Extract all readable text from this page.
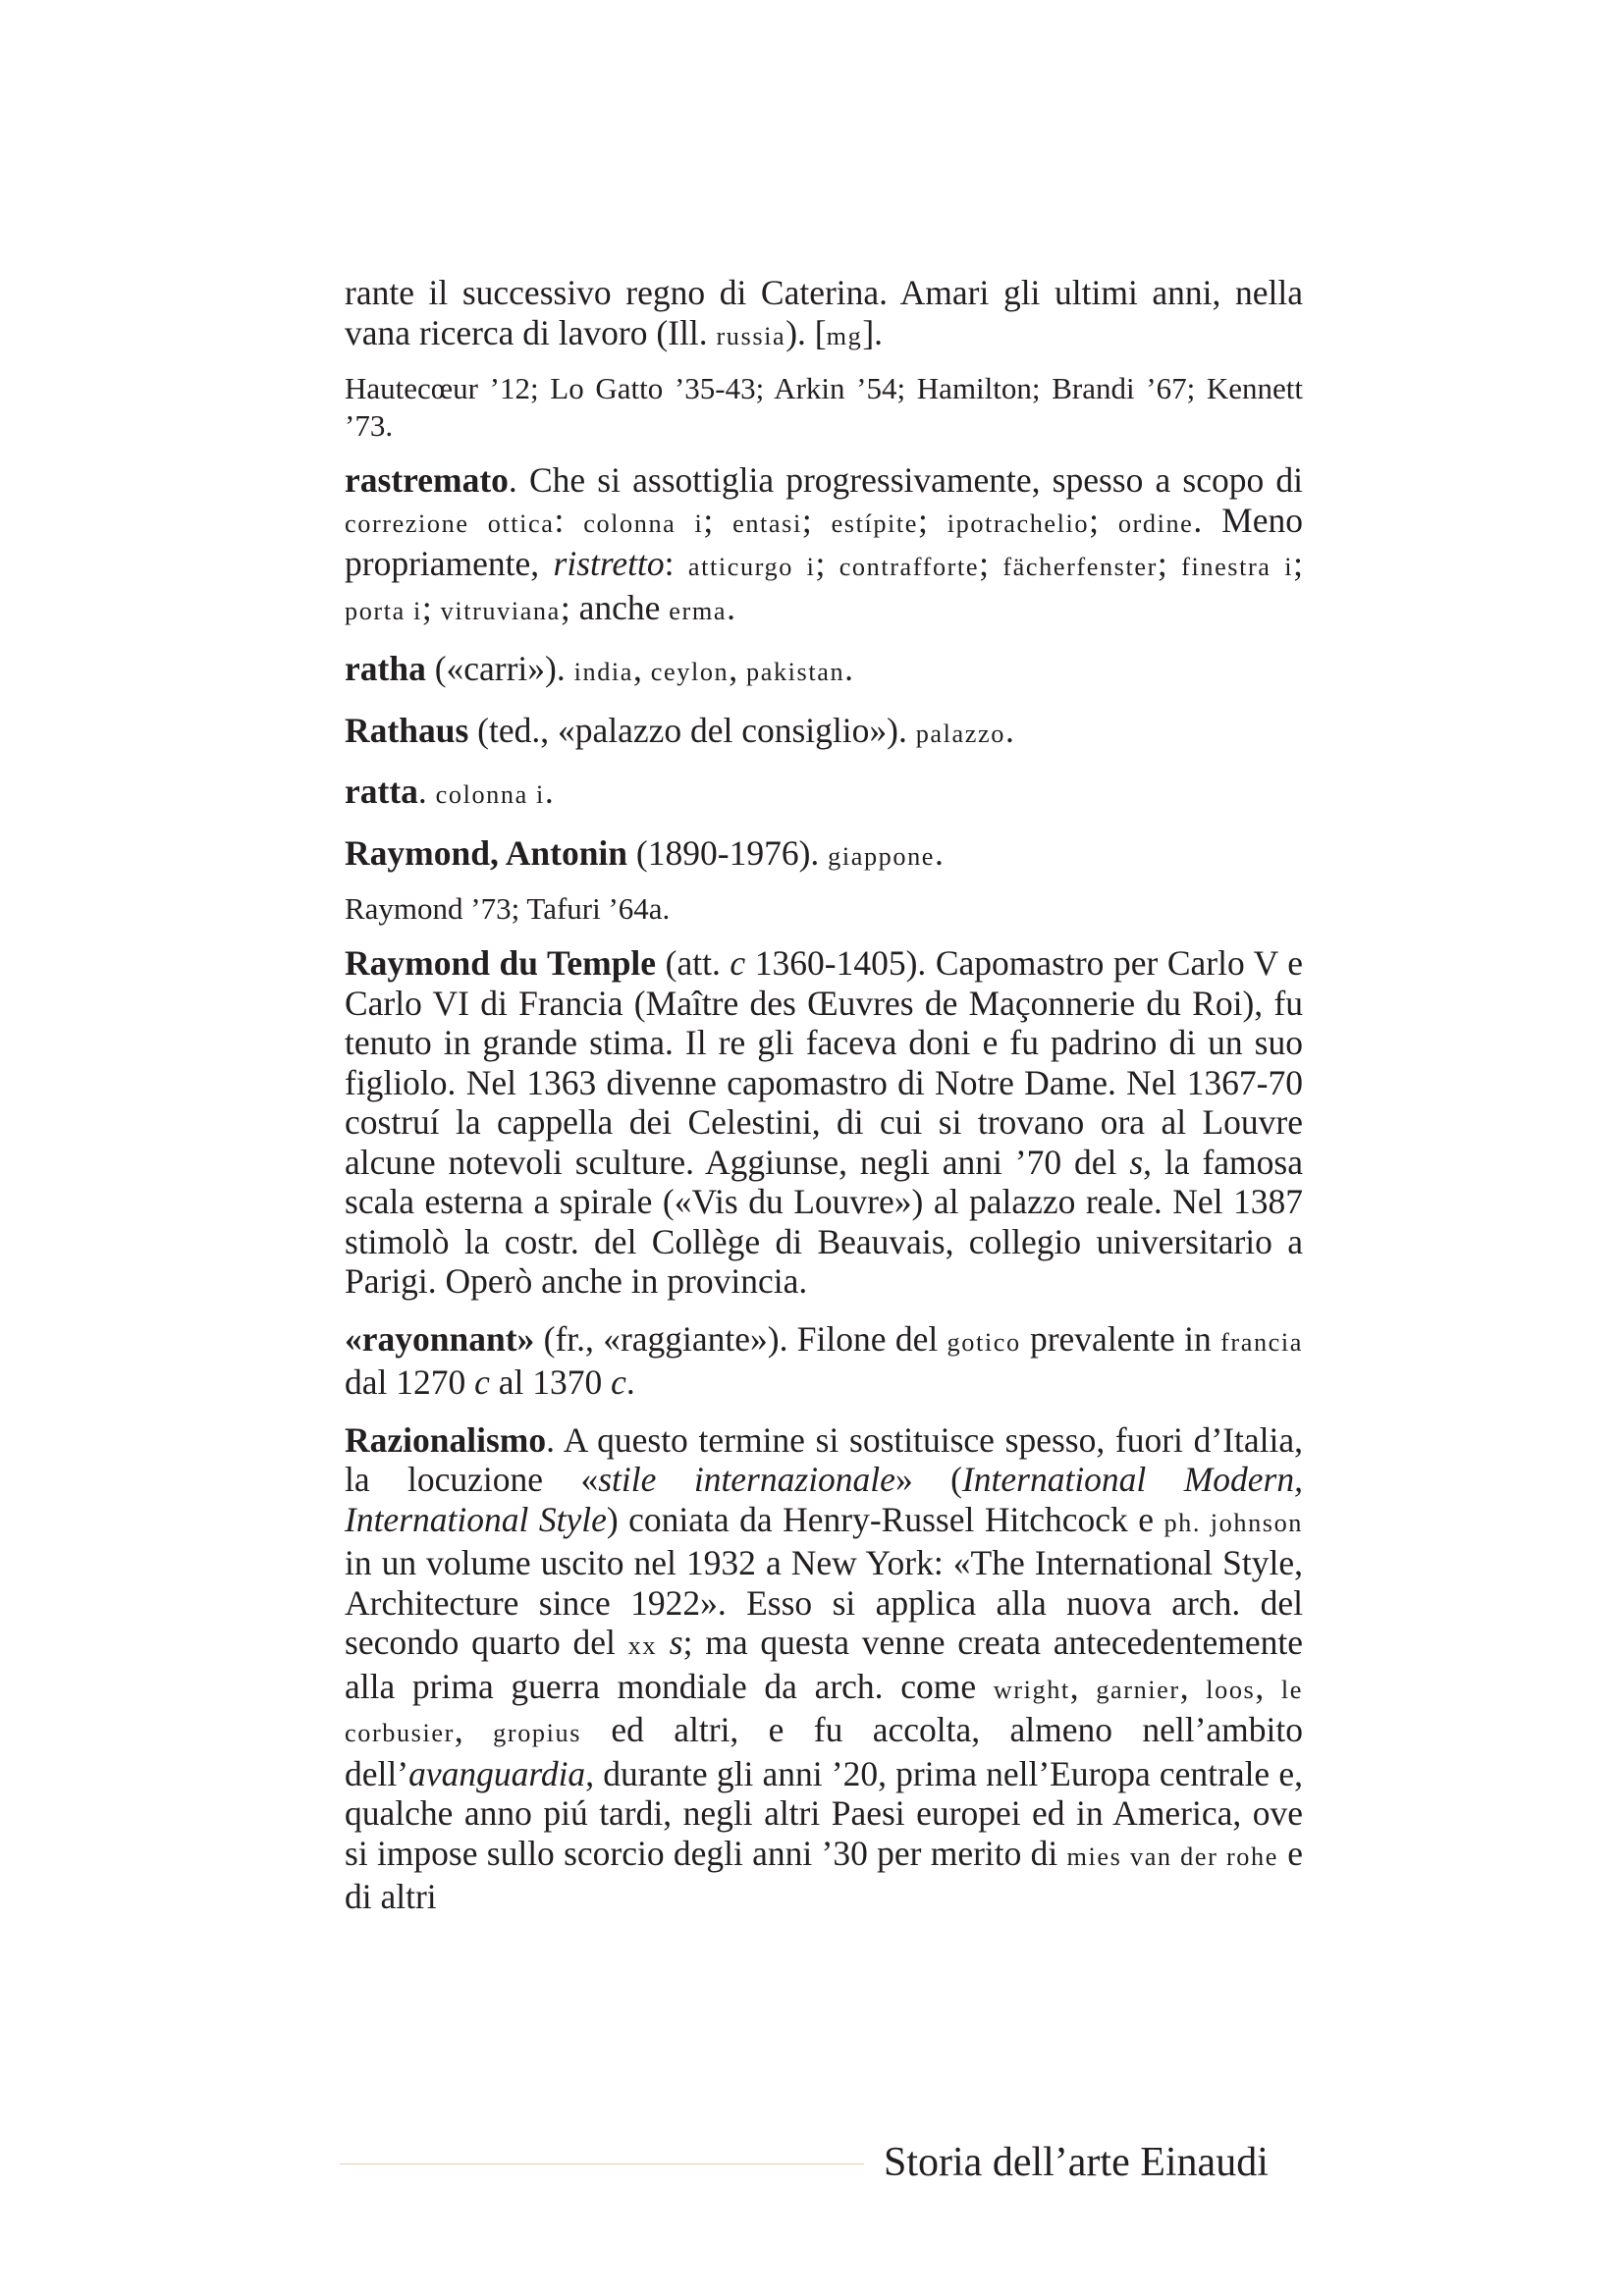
rante il successivo regno di Caterina. Amari gli ultimi anni, nella vana ricerca di lavoro (Ill. russia). [mg].

Hautecœur ’12; Lo Gatto ’35-43; Arkin ’54; Hamilton; Brandi ’67; Kennett ’73.

rastremato. Che si assottiglia progressivamente, spesso a scopo di correzione ottica: colonna i; entasi; estípite; ipotrachelio; ordine. Meno propriamente, ristretto: atticurgo i; contrafforte; fächerfenster; finestra i; porta i; vitruviana; anche erma.

ratha («carri»). india, ceylon, pakistan.

Rathaus (ted., «palazzo del consiglio»). palazzo.

ratta. colonna i.

Raymond, Antonin (1890-1976). giappone.

Raymond ’73; Tafuri ’64a.

Raymond du Temple (att. c 1360-1405). Capomastro per Carlo V e Carlo VI di Francia (Maître des Œuvres de Maçonnerie du Roi), fu tenuto in grande stima. Il re gli faceva doni e fu padrino di un suo figliolo. Nel 1363 divenne capomastro di Notre Dame. Nel 1367-70 costruí la cappella dei Celestini, di cui si trovano ora al Louvre alcune notevoli sculture. Aggiunse, negli anni ’70 del s, la famosa scala esterna a spirale («Vis du Louvre») al palazzo reale. Nel 1387 stimolò la costr. del Collège di Beauvais, collegio universitario a Parigi. Operò anche in provincia.

«rayonnant» (fr., «raggiante»). Filone del gotico prevalente in francia dal 1270 c al 1370 c.

Razionalismo. A questo termine si sostituisce spesso, fuori d’Italia, la locuzione «stile internazionale» (International Modern, International Style) coniata da Henry-Russel Hitchcock e ph. johnson in un volume uscito nel 1932 a New York: «The International Style, Architecture since 1922». Esso si applica alla nuova arch. del secondo quarto del xx s; ma questa venne creata antecedentemente alla prima guerra mondiale da arch. come wright, garnier, loos, le corbusier, gropius ed altri, e fu accolta, almeno nell’ambito dell’avanguardia, durante gli anni ’20, prima nell’Europa centrale e, qualche anno piú tardi, negli altri Paesi europei ed in America, ove si impose sullo scorcio degli anni ’30 per merito di mies van der rohe e di altri

Storia dell’arte Einaudi
